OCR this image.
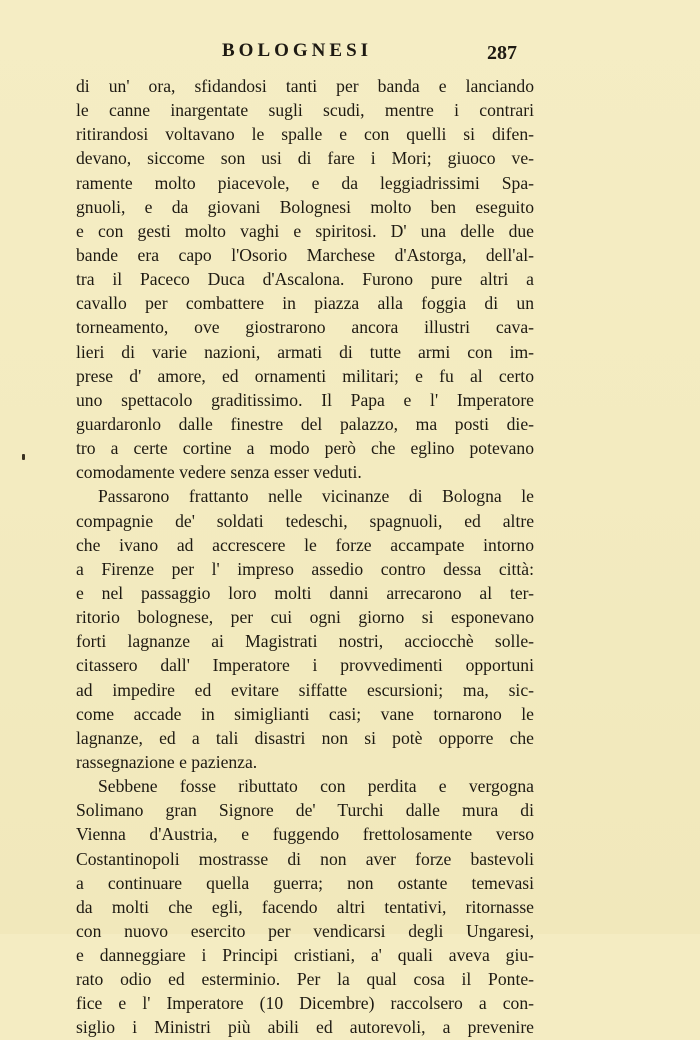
BOLOGNESI	287
di un' ora, sfidandosi tanti per banda e lanciando
le canne inargentate sugli scudi, mentre i contrari
ritirandosi voltavano le spalle e con quelli si difen-
devano, siccome son usi di fare i Mori; giuoco ve-
ramente molto piacevole, e da leggiadrissimi Spa-
gnuoli, e da giovani Bolognesi molto ben eseguito
e con gesti molto vaghi e spiritosi. D' una delle due
bande era capo l'Osorio Marchese d'Astorga, dell'al-
tra il Paceco Duca d'Ascalona. Furono pure altri a
cavallo per combattere in piazza alla foggia di un
torneamento, ove giostrarono ancora illustri cava-
lieri di varie nazioni, armati di tutte armi con im-
prese d' amore, ed ornamenti militari; e fu al certo
uno spettacolo graditissimo. Il Papa e l' Imperatore
guardaronlo dalle finestre del palazzo, ma posti die-
tro a certe cortine a modo però che eglino potevano
comodamente vedere senza esser veduti.
Passarono frattanto nelle vicinanze di Bologna le
compagnie de' soldati tedeschi, spagnuoli, ed altre
che ivano ad accrescere le forze accampate intorno
a Firenze per l' impreso assedio contro dessa città:
e nel passaggio loro molti danni arrecarono al ter-
ritorio bolognese, per cui ogni giorno si esponevano
forti lagnanze ai Magistrati nostri, acciocchè solle-
citassero dall' Imperatore i provvedimenti opportuni
ad impedire ed evitare siffatte escursioni; ma, sic-
come accade in simiglianti casi; vane tornarono le
lagnanze, ed a tali disastri non si potè opporre che
rassegnazione e pazienza.
Sebbene fosse ributtato con perdita e vergogna
Solimano gran Signore de' Turchi dalle mura di
Vienna d'Austria, e fuggendo frettolosamente verso
Costantinopoli mostrasse di non aver forze bastevoli
a continuare quella guerra; non ostante temevasi
da molti che egli, facendo altri tentativi, ritornasse
con nuovo esercito per vendicarsi degli Ungaresi,
e danneggiare i Principi cristiani, a' quali aveva giu-
rato odio ed esterminio. Per la qual cosa il Ponte-
fice e l' Imperatore (10 Dicembre) raccolsero a con-
siglio i Ministri più abili ed autorevoli, a prevenire
